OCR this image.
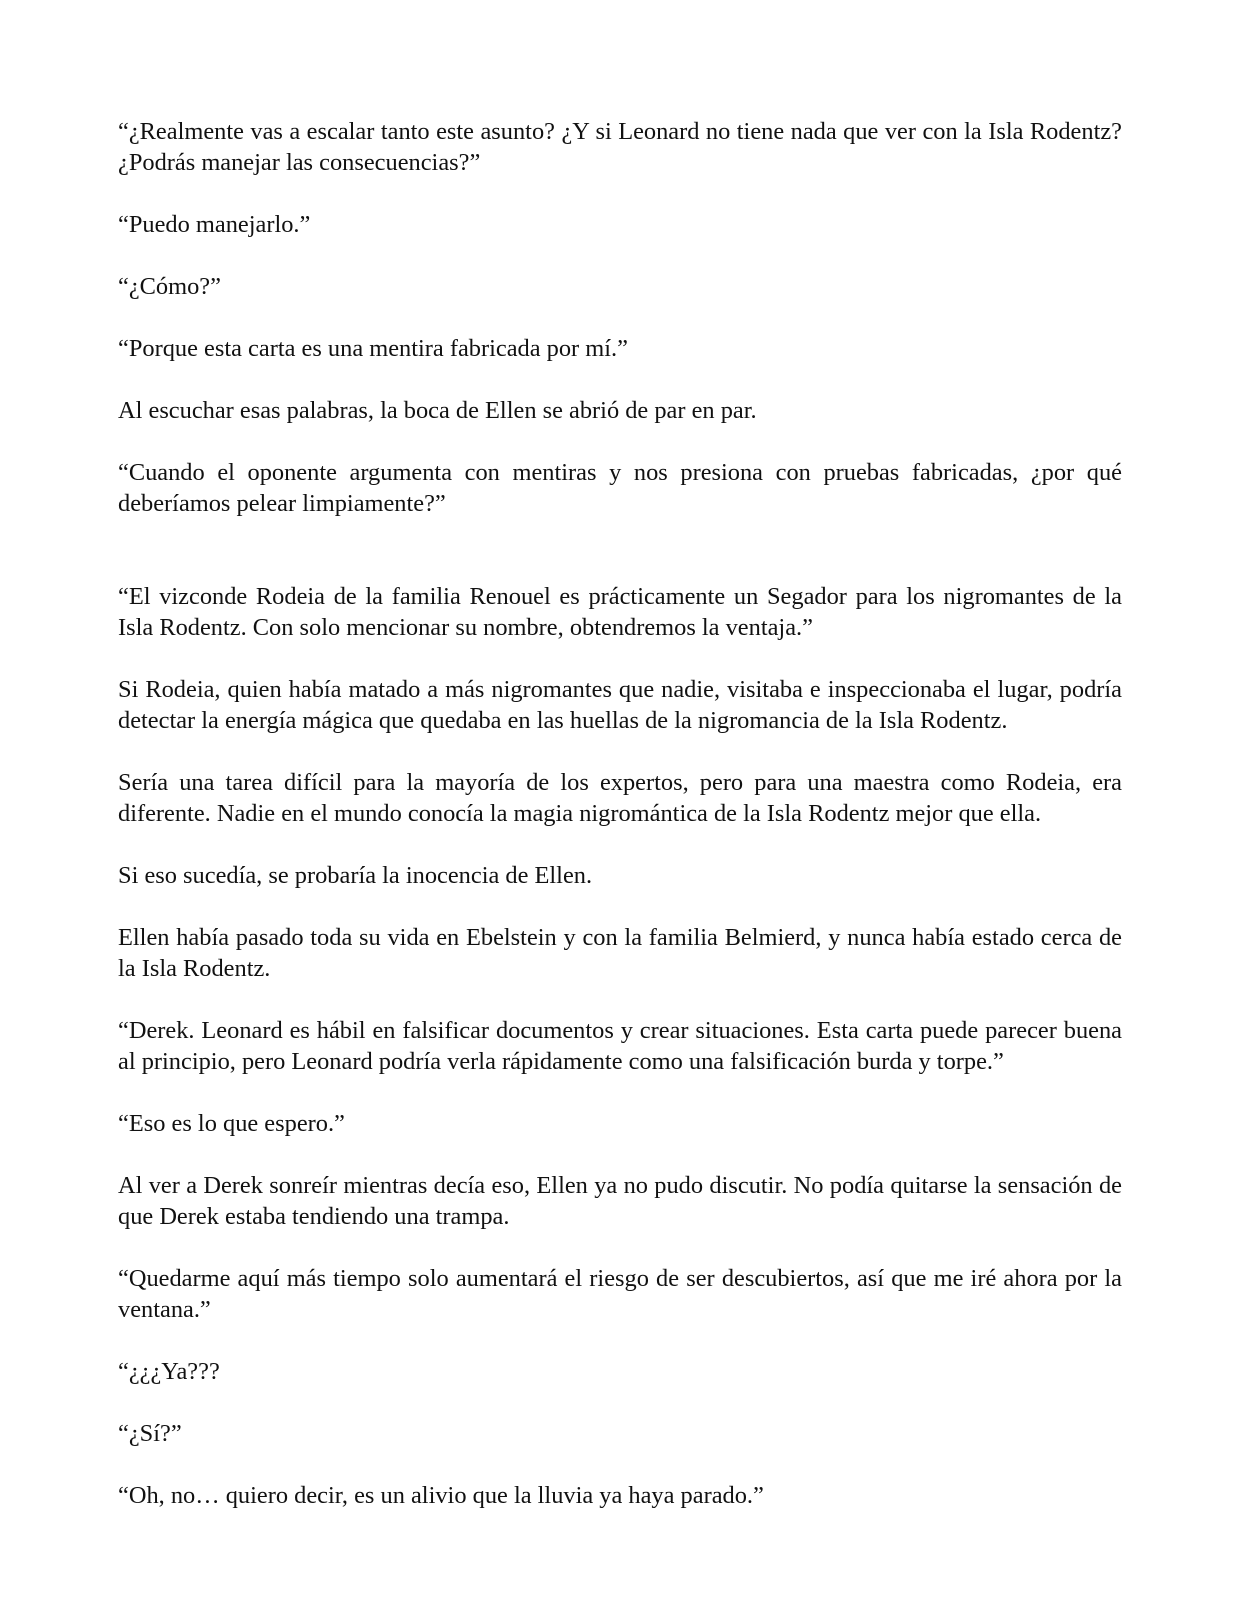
“¿Realmente vas a escalar tanto este asunto? ¿Y si Leonard no tiene nada que ver con la Isla Rodentz? ¿Podrás manejar las consecuencias?”

“Puedo manejarlo.”

“¿Cómo?”

“Porque esta carta es una mentira fabricada por mí.”

Al escuchar esas palabras, la boca de Ellen se abrió de par en par.

“Cuando el oponente argumenta con mentiras y nos presiona con pruebas fabricadas, ¿por qué deberíamos pelear limpiamente?”

“El vizconde Rodeia de la familia Renouel es prácticamente un Segador para los nigromantes de la Isla Rodentz. Con solo mencionar su nombre, obtendremos la ventaja.”

Si Rodeia, quien había matado a más nigromantes que nadie, visitaba e inspeccionaba el lugar, podría detectar la energía mágica que quedaba en las huellas de la nigromancia de la Isla Rodentz.

Sería una tarea difícil para la mayoría de los expertos, pero para una maestra como Rodeia, era diferente. Nadie en el mundo conocía la magia nigromántica de la Isla Rodentz mejor que ella.

Si eso sucedía, se probaría la inocencia de Ellen.

Ellen había pasado toda su vida en Ebelstein y con la familia Belmierd, y nunca había estado cerca de la Isla Rodentz.

“Derek. Leonard es hábil en falsificar documentos y crear situaciones. Esta carta puede parecer buena al principio, pero Leonard podría verla rápidamente como una falsificación burda y torpe.”

“Eso es lo que espero.”

Al ver a Derek sonreír mientras decía eso, Ellen ya no pudo discutir. No podía quitarse la sensación de que Derek estaba tendiendo una trampa.

“Quedarme aquí más tiempo solo aumentará el riesgo de ser descubiertos, así que me iré ahora por la ventana.”

“¿¿¿Ya???

“¿Sí?”

“Oh, no… quiero decir, es un alivio que la lluvia ya haya parado.”
